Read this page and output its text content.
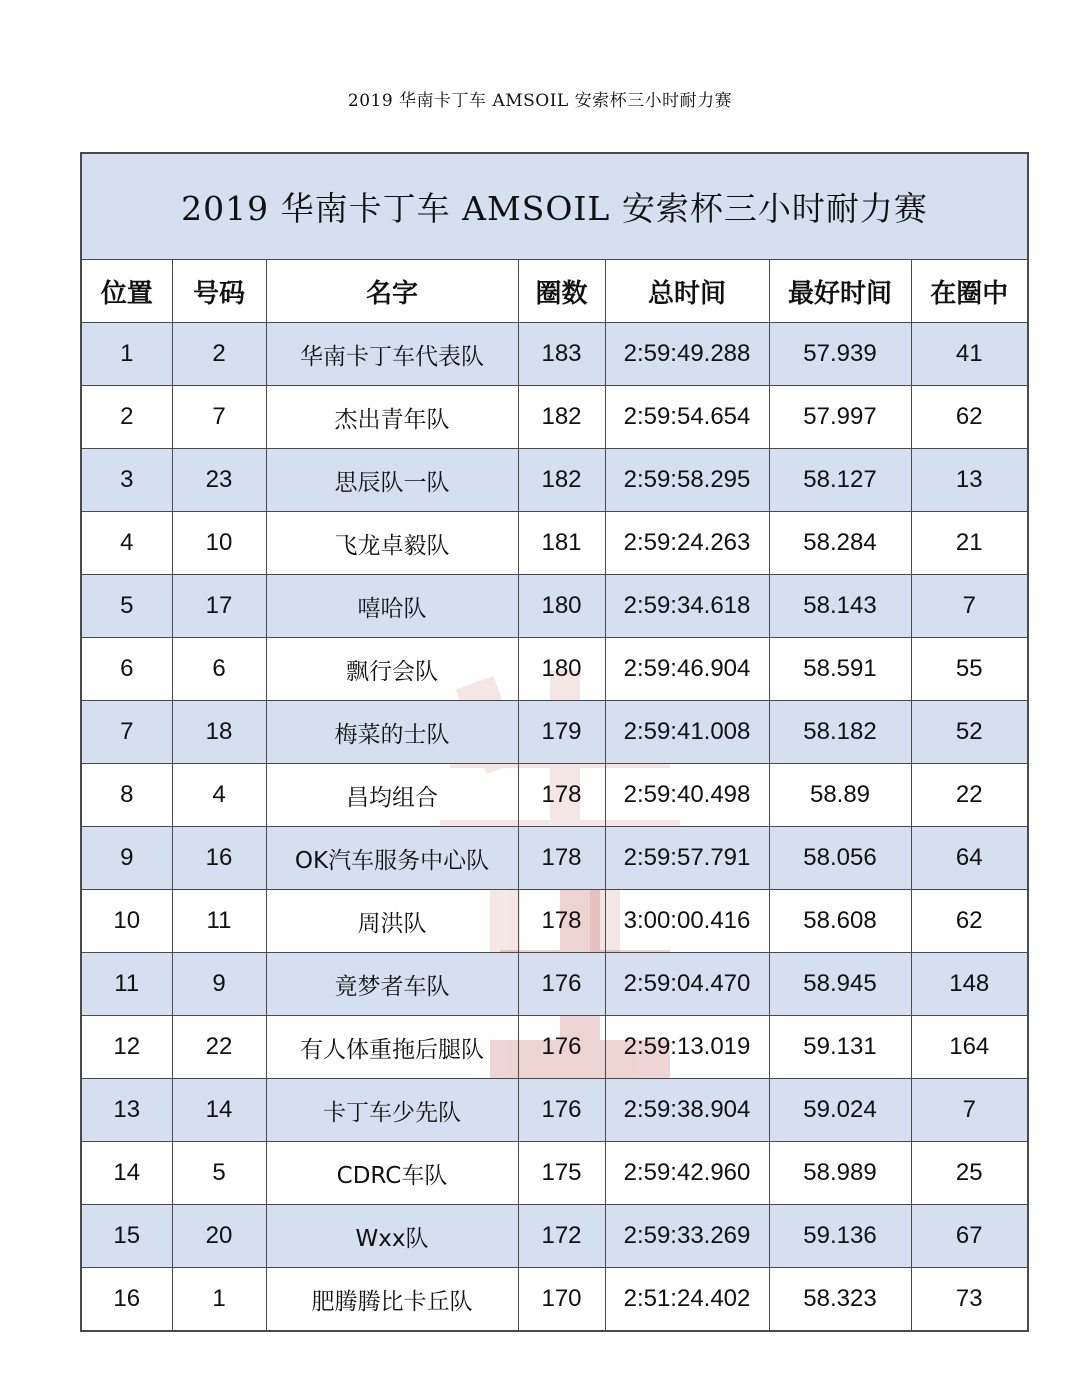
2019 华南卡丁车 AMSOIL 安索杯三小时耐力赛
2019 华南卡丁车 AMSOIL 安索杯三小时耐力赛						
位置	号码	名字	圈数	总时间	最好时间	在圈中
1	2	华南卡丁车代表队	183	2:59:49.288	57.939	41
2	7	杰出青年队	182	2:59:54.654	57.997	62
3	23	思辰队一队	182	2:59:58.295	58.127	13
4	10	飞龙卓毅队	181	2:59:24.263	58.284	21
5	17	嘻哈队	180	2:59:34.618	58.143	7
6	6	飘行会队	180	2:59:46.904	58.591	55
7	18	梅菜的士队	179	2:59:41.008	58.182	52
8	4	昌均组合	178	2:59:40.498	58.89	22
9	16	OK汽车服务中心队	178	2:59:57.791	58.056	64
10	11	周洪队	178	3:00:00.416	58.608	62
11	9	竟梦者车队	176	2:59:04.470	58.945	148
12	22	有人体重拖后腿队	176	2:59:13.019	59.131	164
13	14	卡丁车少先队	176	2:59:38.904	59.024	7
14	5	CDRC车队	175	2:59:42.960	58.989	25
15	20	Wxx队	172	2:59:33.269	59.136	67
16	1	肥腾腾比卡丘队	170	2:51:24.402	58.323	73
